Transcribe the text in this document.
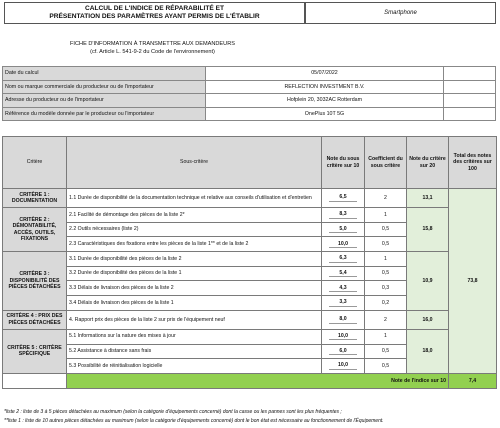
CALCUL DE L'INDICE DE RÉPARABILITÉ ET
PRÉSENTATION DES PARAMÈTRES AYANT PERMIS DE L'ÉTABLIR	Smartphone
FICHE D'INFORMATION À TRANSMETTRE AUX DEMANDEURS
(cf. Article L. 541-9-2 du Code de l'environnement)
Date du calcul	05/07/2022	
Nom ou marque commerciale du producteur ou de l'importateur	REFLECTION INVESTMENT B.V.	
Adresse du producteur ou de l'importateur	Hofplein 20, 3032AC Rotterdam	
Référence du modèle donnée par le producteur ou l'importateur	OnePlus 10T 5G	
Critère	Sous-critère	Note du sous critère sur 10	Coefficient du sous critère	Note du critère sur 20	Total des notes des critères sur 100
CRITÈRE 1 : DOCUMENTATION	1.1 Durée de disponibilité de la documentation technique et relative aux conseils d'utilisation et d'entretien	6,5	2	13,1	73,8
CRITÈRE 2 : DÉMONTABILITÉ, ACCÈS, OUTILS, FIXATIONS	2.1 Facilité de démontage des pièces de la liste 2*	8,3	1	15,8	
	2.2 Outils nécessaires (liste 2)	5,0	0,5		
	2.3 Caractéristiques des fixations entre les pièces de la liste 1** et de la liste 2	10,0	0,5		
CRITÈRE 3 : DISPONIBILITÉ DES PIÈCES DÉTACHÉES	3.1 Durée de disponibilité des pièces de la liste 2	6,3	1	10,9	
	3.2 Durée de disponibilité des pièces de la liste 1	5,4	0,5		
	3.3 Délais de livraison des pièces de la liste 2	4,3	0,3		
	3.4 Délais de livraison des pièces de la liste 1	3,3	0,2		
CRITÈRE 4 : PRIX DES PIÈCES DÉTACHÉES	4. Rapport prix des pièces de la liste 2 sur prix de l'équipement neuf	8,0	2	16,0	
CRITÈRE 5 : CRITÈRE SPÉCIFIQUE	5.1 Informations sur la nature des mises à jour	10,0	1	18,0	
	5.2 Assistance à distance sans frais	6,0	0,5		
	5.3 Possibilité de réinitialisation logicielle	10,0	0,5		
	Note de l'indice sur 10				7,4
*liste 2 : liste de 3 à 5 pièces détachées au maximum (selon la catégorie d'équipements concerné) dont la casse ou les pannes sont les plus fréquentes ;
**liste 1 : liste de 10 autres pièces détachées au maximum (selon la catégorie d'équipements concerné) dont le bon état est nécessaire au fonctionnement de l'Équipement.
